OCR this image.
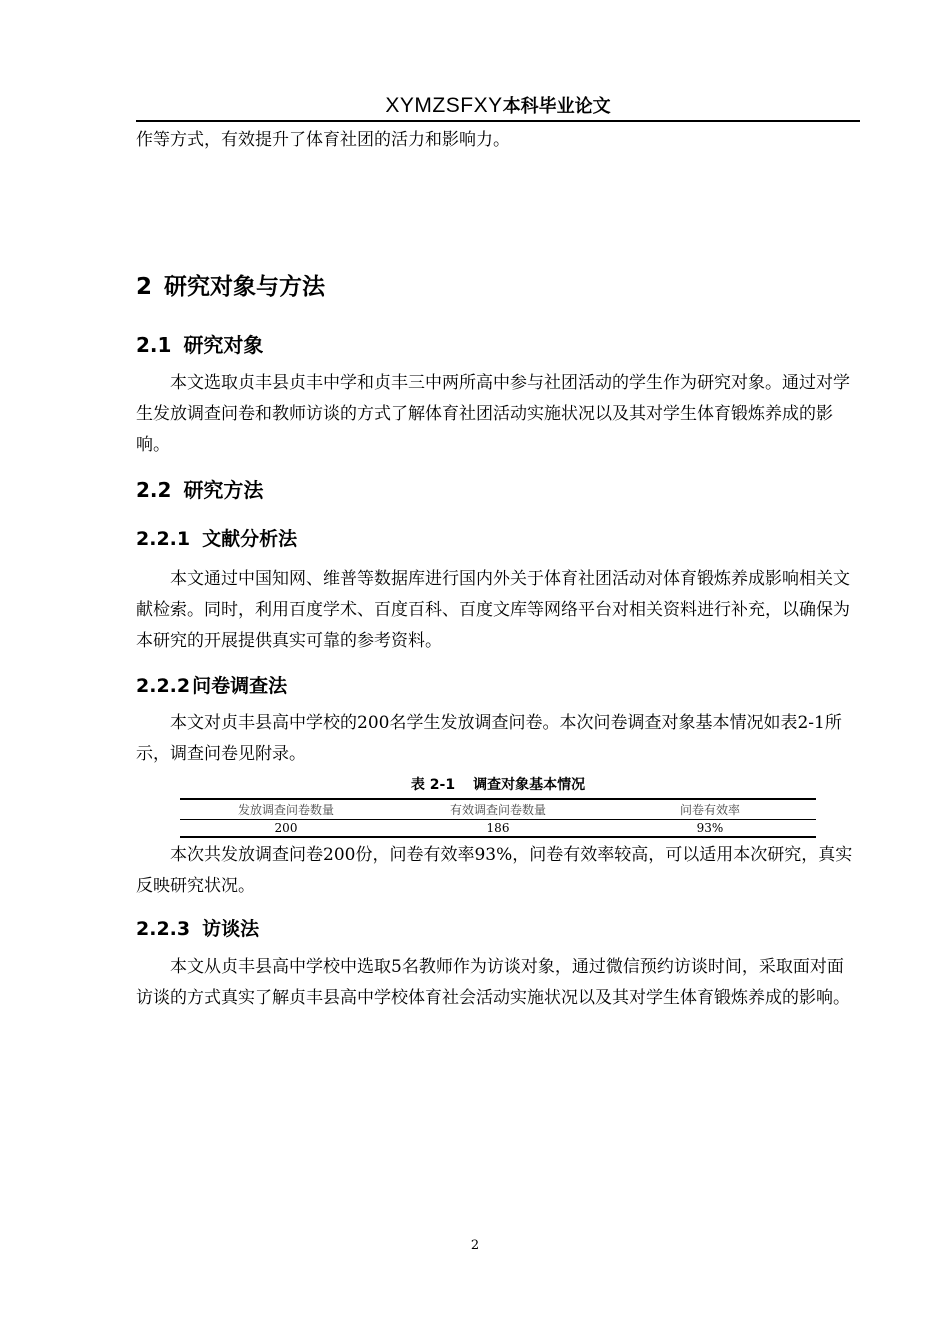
XYMZSFXY本科毕业论文

作等方式，有效提升了体育社团的活力和影响力。

2 研究对象与方法
2.1 研究对象

本文选取贞丰县贞丰中学和贞丰三中两所高中参与社团活动的学生作为研究对象。通过对学生发放调查问卷和教师访谈的方式了解体育社团活动实施状况以及其对学生体育锻炼养成的影响。

2.2 研究方法
2.2.1 文献分析法

本文通过中国知网、维普等数据库进行国内外关于体育社团活动对体育锻炼养成影响相关文献检索。同时，利用百度学术、百度百科、百度文库等网络平台对相关资料进行补充，以确保为本研究的开展提供真实可靠的参考资料。

2.2.2 问卷调查法

本文对贞丰县高中学校的200名学生发放调查问卷。本次问卷调查对象基本情况如表2-1所示，调查问卷见附录。

表 2-1 调查对象基本情况
发放调查问卷数量	有效调查问卷数量	问卷有效率
200	186	93%

本次共发放调查问卷200份，问卷有效率93%，问卷有效率较高，可以适用本次研究，真实反映研究状况。

2.2.3 访谈法

本文从贞丰县高中学校中选取5名教师作为访谈对象，通过微信预约访谈时间，采取面对面访谈的方式真实了解贞丰县高中学校体育社会活动实施状况以及其对学生体育锻炼养成的影响。

2
